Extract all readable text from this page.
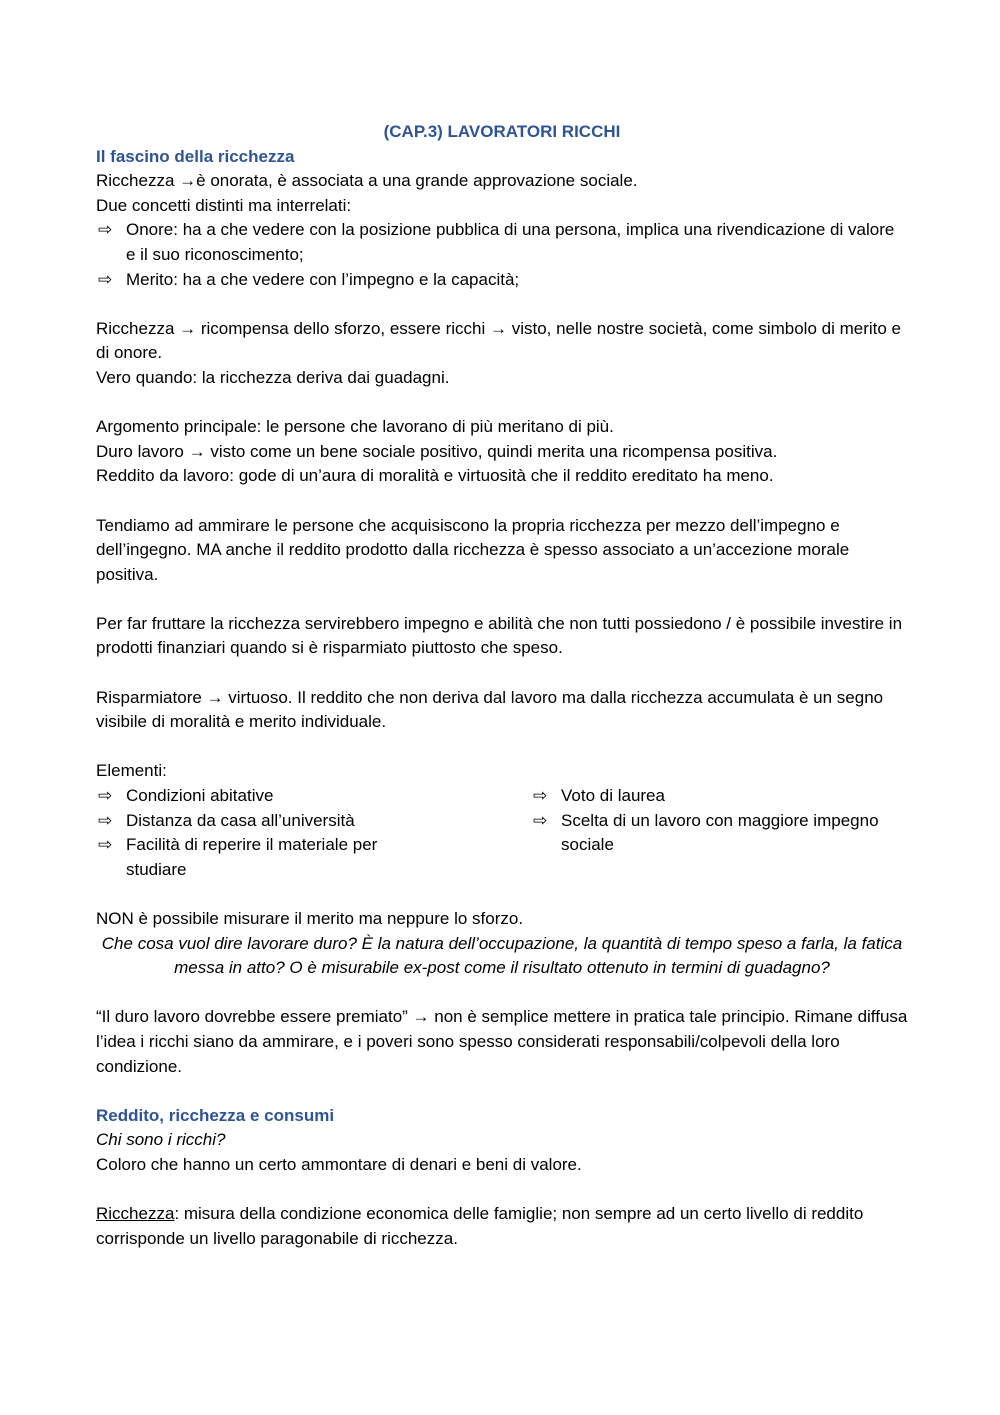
(CAP.3) LAVORATORI RICCHI
Il fascino della ricchezza

Ricchezza →è onorata, è associata a una grande approvazione sociale.

Due concetti distinti ma interrelati:

⇨ Onore: ha a che vedere con la posizione pubblica di una persona, implica una rivendicazione di valore e il suo riconoscimento;
⇨ Merito: ha a che vedere con l’impegno e la capacità;

Ricchezza → ricompensa dello sforzo, essere ricchi → visto, nelle nostre società, come simbolo di merito e di onore.

Vero quando: la ricchezza deriva dai guadagni.

Argomento principale: le persone che lavorano di più meritano di più.

Duro lavoro → visto come un bene sociale positivo, quindi merita una ricompensa positiva.

Reddito da lavoro: gode di un’aura di moralità e virtuosità che il reddito ereditato ha meno.

Tendiamo ad ammirare le persone che acquisiscono la propria ricchezza per mezzo dell’impegno e dell’ingegno. MA anche il reddito prodotto dalla ricchezza è spesso associato a un’accezione morale positiva.

Per far fruttare la ricchezza servirebbero impegno e abilità che non tutti possiedono / è possibile investire in prodotti finanziari quando si è risparmiato piuttosto che speso.

Risparmiatore → virtuoso. Il reddito che non deriva dal lavoro ma dalla ricchezza accumulata è un segno visibile di moralità e merito individuale.

Elementi:

⇨ Condizioni abitative
⇨ Distanza da casa all’università
⇨ Facilità di reperire il materiale per studiare
⇨ Voto di laurea
⇨ Scelta di un lavoro con maggiore impegno sociale

NON è possibile misurare il merito ma neppure lo sforzo.

Che cosa vuol dire lavorare duro? È la natura dell’occupazione, la quantità di tempo speso a farla, la fatica messa in atto? O è misurabile ex-post come il risultato ottenuto in termini di guadagno?

“Il duro lavoro dovrebbe essere premiato” → non è semplice mettere in pratica tale principio. Rimane diffusa l’idea i ricchi siano da ammirare, e i poveri sono spesso considerati responsabili/colpevoli della loro condizione.

Reddito, ricchezza e consumi

Chi sono i ricchi?

Coloro che hanno un certo ammontare di denari e beni di valore.

Ricchezza: misura della condizione economica delle famiglie; non sempre ad un certo livello di reddito corrisponde un livello paragonabile di ricchezza.
